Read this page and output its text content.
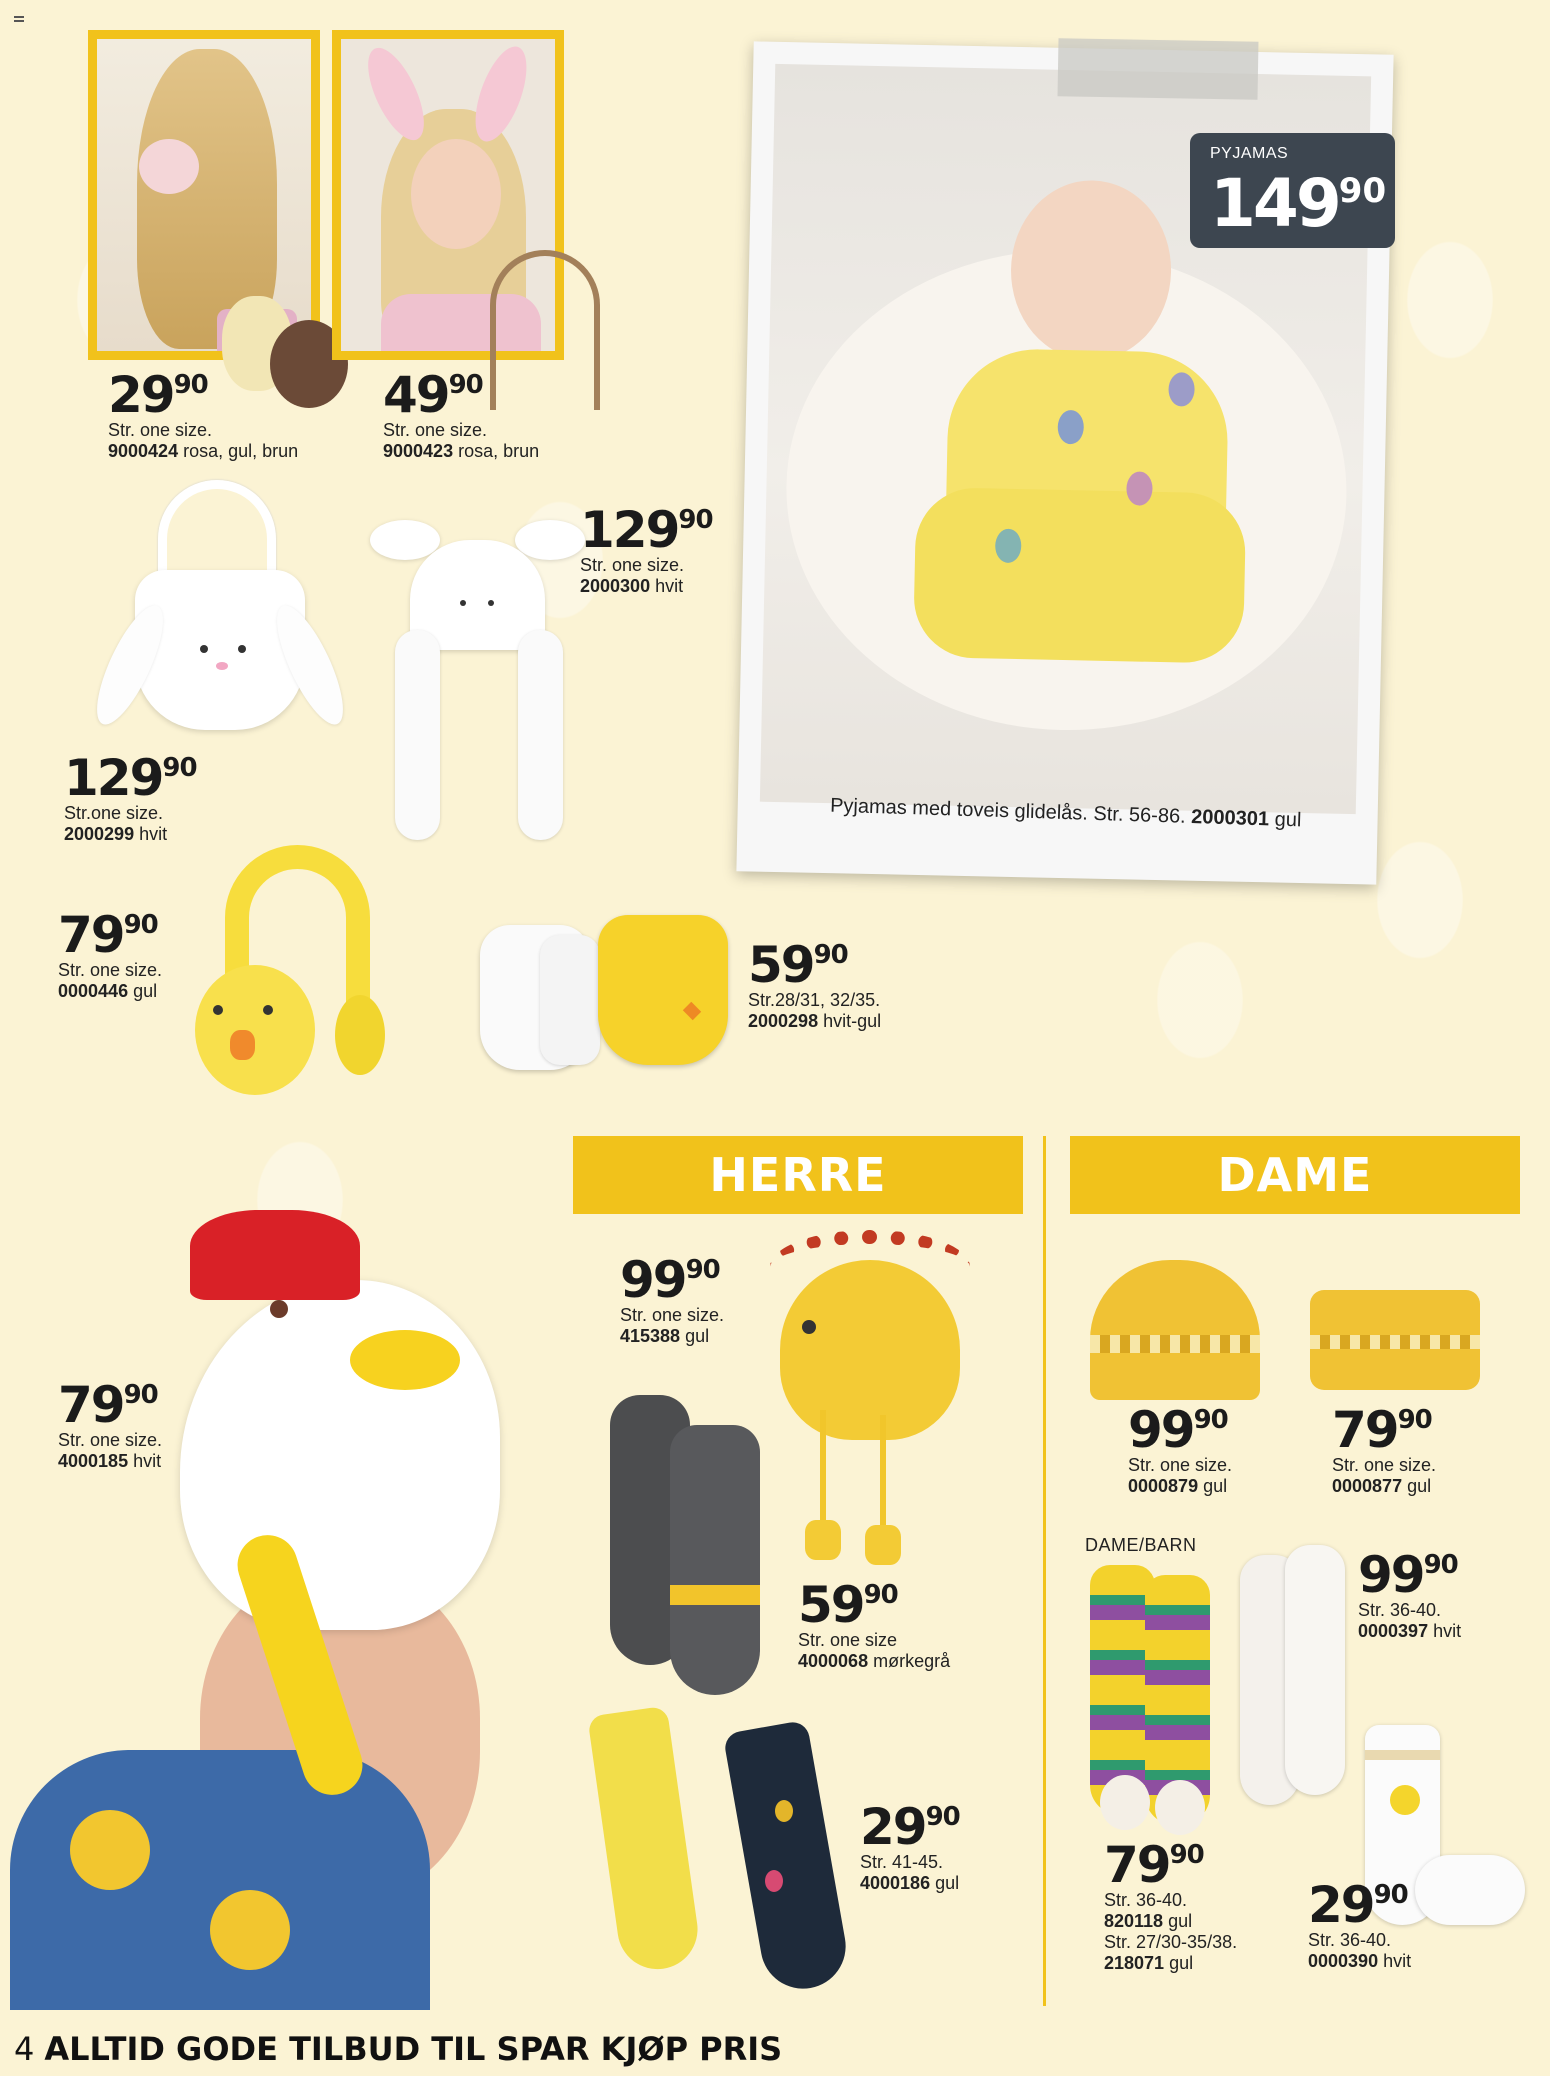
2990
Str. one size.
9000424 rosa, gul, brun
4990
Str. one size.
9000423 rosa, brun
12990
Str. one size.
2000300 hvit
12990
Str.one size.
2000299 hvit
7990
Str. one size.
0000446 gul	5990
Str.28/31, 32/35.
2000298 hvit-gul
PYJAMAS
14990
Pyjamas med toveis glidelås. Str. 56-86. 2000301 gul
7990
Str. one size.
4000185 hvit
HERRE	DAME
9990
Str. one size.
415388 gul
5990
Str. one size
4000068 mørkegrå
2990
Str. 41-45.
4000186 gul
9990
Str. one size.
0000879 gul
7990
Str. one size.
0000877 gul
DAME/BARN
7990
Str. 36-40.
820118 gul
Str. 27/30-35/38.
218071 gul
9990
Str. 36-40.
0000397 hvit
2990
Str. 36-40.
0000390 hvit
4 ALLTID GODE TILBUD TIL SPAR KJØP PRIS
